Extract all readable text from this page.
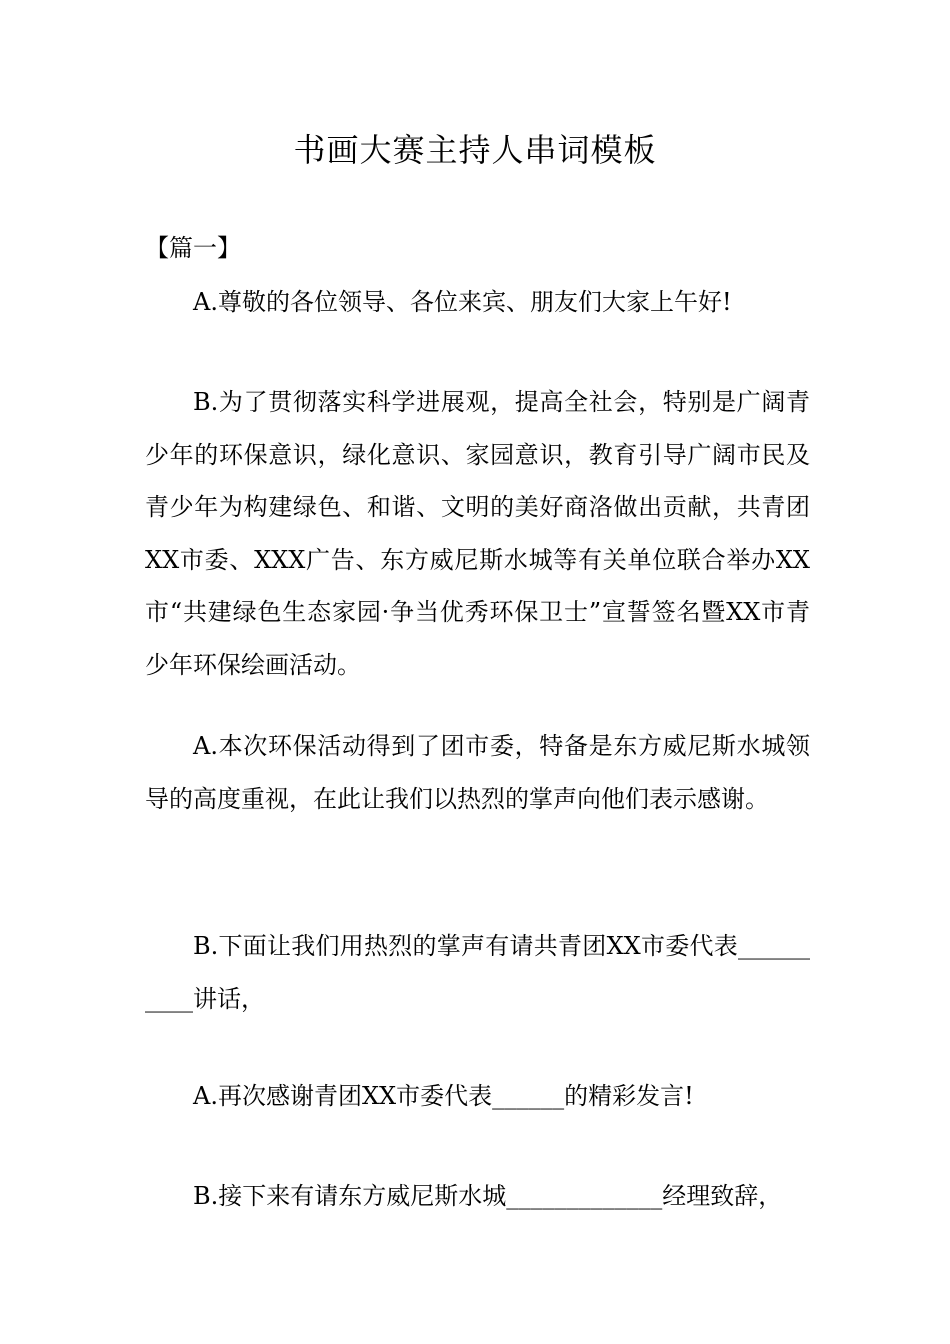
书画大赛主持人串词模板
【篇一】

A.尊敬的各位领导、各位来宾、朋友们大家上午好!

B.为了贯彻落实科学进展观，提高全社会，特别是广阔青少年的环保意识，绿化意识、家园意识，教育引导广阔市民及青少年为构建绿色、和谐、文明的美好商洛做出贡献，共青团XX市委、XXX广告、东方威尼斯水城等有关单位联合举办XX市“共建绿色生态家园·争当优秀环保卫士”宣誓签名暨XX市青少年环保绘画活动。

A.本次环保活动得到了团市委，特备是东方威尼斯水城领导的高度重视，在此让我们以热烈的掌声向他们表示感谢。

B.下面让我们用热烈的掌声有请共青团XX市委代表__________讲话，

A.再次感谢青团XX市委代表______的精彩发言!

B.接下来有请东方威尼斯水城_____________经理致辞，
